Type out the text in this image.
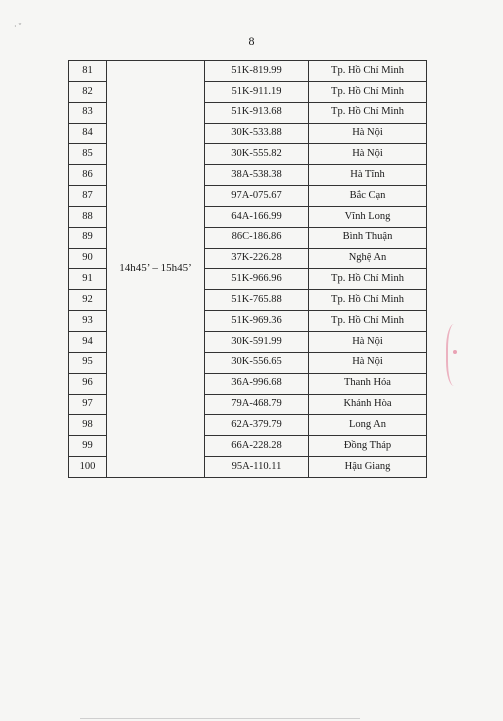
· ˇ
8
81	14h45’ – 15h45’	51K-819.99	Tp. Hồ Chí Minh
82		51K-911.19	Tp. Hồ Chí Minh
83		51K-913.68	Tp. Hồ Chí Minh
84		30K-533.88	Hà Nội
85		30K-555.82	Hà Nội
86		38A-538.38	Hà Tĩnh
87		97A-075.67	Bắc Cạn
88		64A-166.99	Vĩnh Long
89		86C-186.86	Bình Thuận
90		37K-226.28	Nghệ An
91		51K-966.96	Tp. Hồ Chí Minh
92		51K-765.88	Tp. Hồ Chí Minh
93		51K-969.36	Tp. Hồ Chí Minh
94		30K-591.99	Hà Nội
95		30K-556.65	Hà Nội
96		36A-996.68	Thanh Hóa
97		79A-468.79	Khánh Hòa
98		62A-379.79	Long An
99		66A-228.28	Đồng Tháp
100		95A-110.11	Hậu Giang
